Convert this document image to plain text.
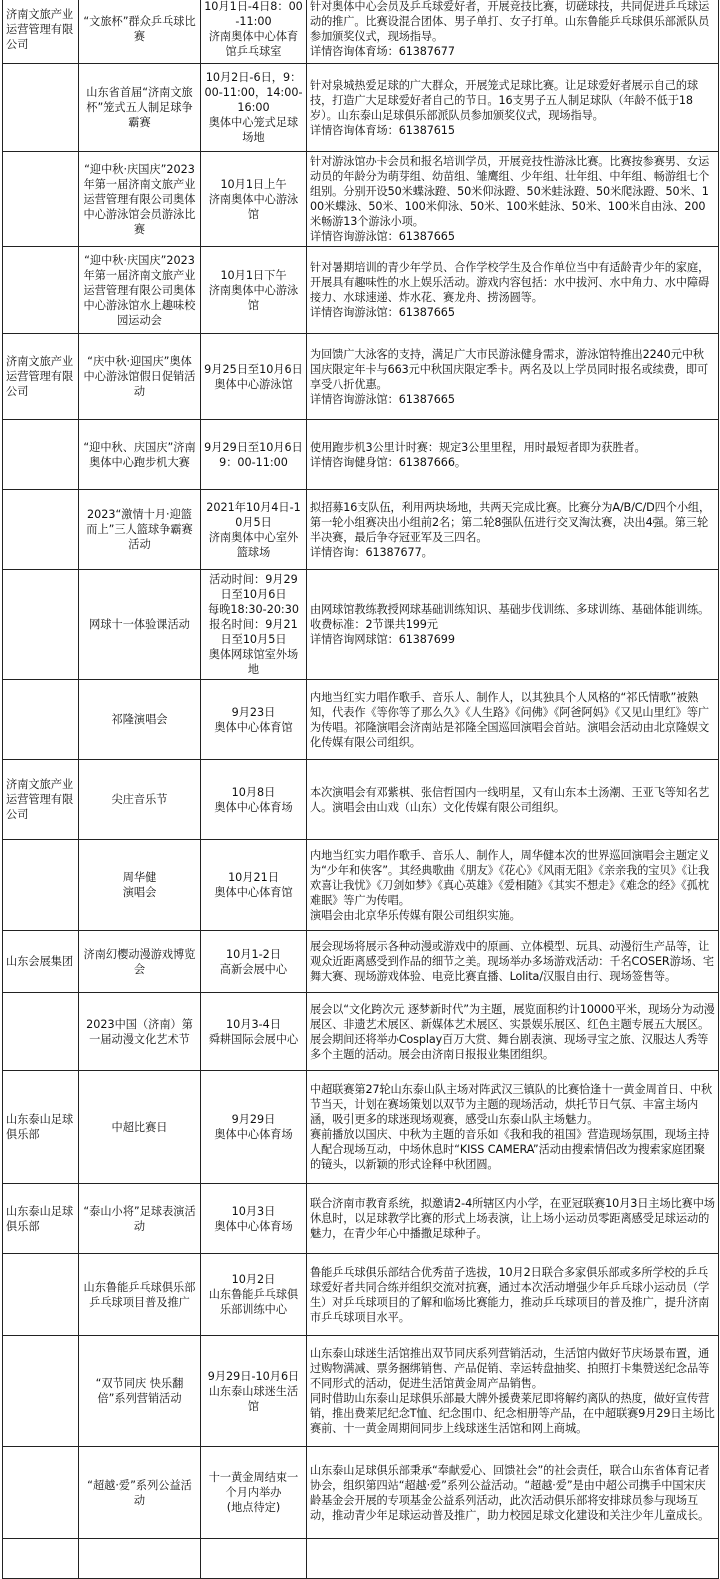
济南文旅产业运营管理有限公司	“文旅杯”群众乒乓球比赛	10月1日-4日8：00-11:00
济南奥体中心体育馆乒乓球室	针对奥体中心会员及乒乓球爱好者，开展竞技比赛，切磋球技，共同促进乒乓球运动的推广。比赛设混合团体、男子单打、女子打单。山东鲁能乒乓球俱乐部派队员参加颁奖仪式，现场指导。
详情咨询体育场：61387677

	山东省首届“济南文旅杯”笼式五人制足球争霸赛	10月2日-6日，9：00-11:00，14:00-16:00
奥体中心笼式足球场地	针对泉城热爱足球的广大群众，开展笼式足球比赛。让足球爱好者展示自己的球技，打造广大足球爱好者自己的节日。16支男子五人制足球队（年龄不低于18岁）。山东泰山足球俱乐部派队员参加颁奖仪式，现场指导。
详情咨询体育场：61387615

	“迎中秋·庆国庆”2023年第一届济南文旅产业运营管理有限公司奥体中心游泳馆会员游泳比赛	10月1日上午
济南奥体中心游泳馆	针对游泳馆办卡会员和报名培训学员，开展竞技性游泳比赛。比赛按参赛男、女运动员的年龄分为萌芽组、幼苗组、雏鹰组、少年组、壮年组、中年组、畅游组七个组别。分别开设50米蝶泳蹬、50米仰泳蹬、50米蛙泳蹬、50米爬泳蹬、50米、100米蝶泳、50米、100米仰泳、50米、100米蛙泳、50米、100米自由泳、200米畅游13个游泳小项。
详情咨询游泳馆：61387665

	“迎中秋·庆国庆”2023年第一届济南文旅产业运营管理有限公司奥体中心游泳馆水上趣味校园运动会	10月1日下午
济南奥体中心游泳馆	针对暑期培训的青少年学员、合作学校学生及合作单位当中有适龄青少年的家庭，开展具有趣味性的水上娱乐活动。游戏内容包括：水中拔河、水中角力、水中障碍接力、水球速递、炸水花、赛龙舟、捞汤圆等。
详情咨询游泳馆：61387665

济南文旅产业运营管理有限公司	“庆中秋·迎国庆”奥体中心游泳馆假日促销活动	9月25日至10月6日
奥体中心游泳馆	为回馈广大泳客的支持，满足广大市民游泳健身需求，游泳馆特推出2240元中秋国庆限定年卡与663元中秋国庆限定季卡。两名及以上学员同时报名或续费，即可享受八折优惠。
详情咨询游泳馆：61387665

	“迎中秋、庆国庆”济南奥体中心跑步机大赛	9月29日至10月6日
9：00-11:00	使用跑步机3公里计时赛：规定3公里里程，用时最短者即为获胜者。
详情咨询健身馆：61387666。

	2023“激情十月·迎篮而上”三人篮球争霸赛活动	2021年10月4日-10月5日
济南奥体中心室外篮球场	拟招募16支队伍，利用两块场地，共两天完成比赛。比赛分为A/B/C/D四个小组，第一轮小组赛决出小组前2名；第二轮8强队伍进行交叉淘汰赛，决出4强。第三轮半决赛，最后争夺冠亚军及三四名。
详情咨询：61387677。

	网球十一体验课活动	活动时间：9月29日至10月6日
每晚18:30-20:30
报名时间：9月21日至10月5日
奥体网球馆室外场地	由网球馆教练教授网球基础训练知识、基础步伐训练、多球训练、基础体能训练。
收费标准：2节课共199元
详情咨询网球馆：61387699

	祁隆演唱会	9月23日
奥体中心体育馆	内地当红实力唱作歌手、音乐人、制作人，以其独具个人风格的“祁氏情歌”被熟知，代表作《等你等了那么久》《人生路》《问佛》《阿爸阿妈》《又见山里红》等广为传唱。祁隆演唱会济南站是祁隆全国巡回演唱会首站。演唱会活动由北京隆娱文化传媒有限公司组织。

济南文旅产业运营管理有限公司	尖庄音乐节	10月8日
奥体中心体育场	本次演唱会有邓紫棋、张信哲国内一线明星，又有山东本土汤潮、王亚飞等知名艺人。演唱会由山戏（山东）文化传媒有限公司组织。

	周华健
演唱会	10月21日
奥体中心体育馆	内地当红实力唱作歌手、音乐人、制作人，周华健本次的世界巡回演唱会主题定义为“少年和侠客”。其经典歌曲《朋友》《花心》《风雨无阻》《亲亲我的宝贝》《让我欢喜让我忧》《刀剑如梦》《真心英雄》《爱相随》《其实不想走》《难念的经》《孤枕难眠》等广为传唱。
演唱会由北京华乐传媒有限公司组织实施。

山东会展集团	济南幻樱动漫游戏博览会	10月1-2日
高新会展中心	展会现场将展示各种动漫或游戏中的原画、立体模型、玩具、动漫衍生产品等，让观众近距离感受到作品的细节之美。现场举办多场游戏活动：千名COSER游场、宅舞大赛、现场游戏体验、电竞比赛直播、Lolita/汉服自由行、现场签售等。

	2023中国（济南）第一届动漫文化艺术节	10月3-4日
舜耕国际会展中心	展会以“文化跨次元 逐梦新时代”为主题，展览面积约计10000平米，现场分为动漫展区、非遗艺术展区、新媒体艺术展区、实景娱乐展区、红色主题专展五大展区。展会期间还将举办Cosplay百万大赏、舞台剧表演、现场寻宝之旅、汉服达人秀等多个主题的活动。展会由济南日报报业集团组织。

山东泰山足球俱乐部	中超比赛日	9月29日
奥体中心体育场	中超联赛第27轮山东泰山队主场对阵武汉三镇队的比赛恰逢十一黄金周首日、中秋节当天，计划在赛场策划以双节为主题的现场活动，烘托节日气氛、丰富主场内涵，吸引更多的球迷现场观赛，感受山东泰山队主场魅力。
赛前播放以国庆、中秋为主题的音乐如《我和我的祖国》营造现场氛围，现场主持人配合现场互动，中场休息时“KISS CAMERA”活动由搜索情侣改为搜索家庭团聚的镜头，以新颖的形式诠释中秋团圆。

山东泰山足球俱乐部	“泰山小将”足球表演活动	10月3日
奥体中心体育场	联合济南市教育系统，拟邀请2-4所辖区内小学，在亚冠联赛10月3日主场比赛中场休息时，以足球教学比赛的形式上场表演，让上场小运动员零距离感受足球运动的魅力，在青少年心中播撒足球种子。

	山东鲁能乒乓球俱乐部乒乓球项目普及推广	10月2日
山东鲁能乒乓球俱乐部训练中心	鲁能乒乓球俱乐部结合优秀苗子选拔，10月2日联合多家俱乐部或多所学校的乒乓球爱好者共同合练并组织交流对抗赛，通过本次活动增强少年乒乓球小运动员（学生）对乒乓球项目的了解和临场比赛能力，推动乒乓球项目的普及推广，提升济南市乒乓球项目水平。

	“双节同庆 快乐翻倍”系列营销活动	9月29日-10月6日
山东泰山球迷生活馆	山东泰山球迷生活馆推出双节同庆系列营销活动，生活馆内做好节庆场景布置，通过购物满减、票务捆绑销售、产品促销、幸运转盘抽奖、拍照打卡集赞送纪念品等不同形式的活动，促进生活馆黄金周产品销售。
同时借助山东泰山足球俱乐部最大牌外援费莱尼即将解约离队的热度，做好宣传营销，推出费莱尼纪念T恤、纪念围巾、纪念相册等产品，在中超联赛9月29日主场比赛前、十一黄金周期间同步上线球迷生活馆和网上商城。

	“超越·爱”系列公益活动	十一黄金周结束一个月内举办
(地点待定)	山东泰山足球俱乐部秉承“奉献爱心、回馈社会”的社会责任，联合山东省体育记者协会，组织第四站“超越·爱”系列公益活动。“超越·爱”是由中超公司携手中国宋庆龄基金会开展的专项基金公益系列活动，此次活动俱乐部将安排球员参与现场互动，推动青少年足球运动普及推广，助力校园足球文化建设和关注少年儿童成长。
